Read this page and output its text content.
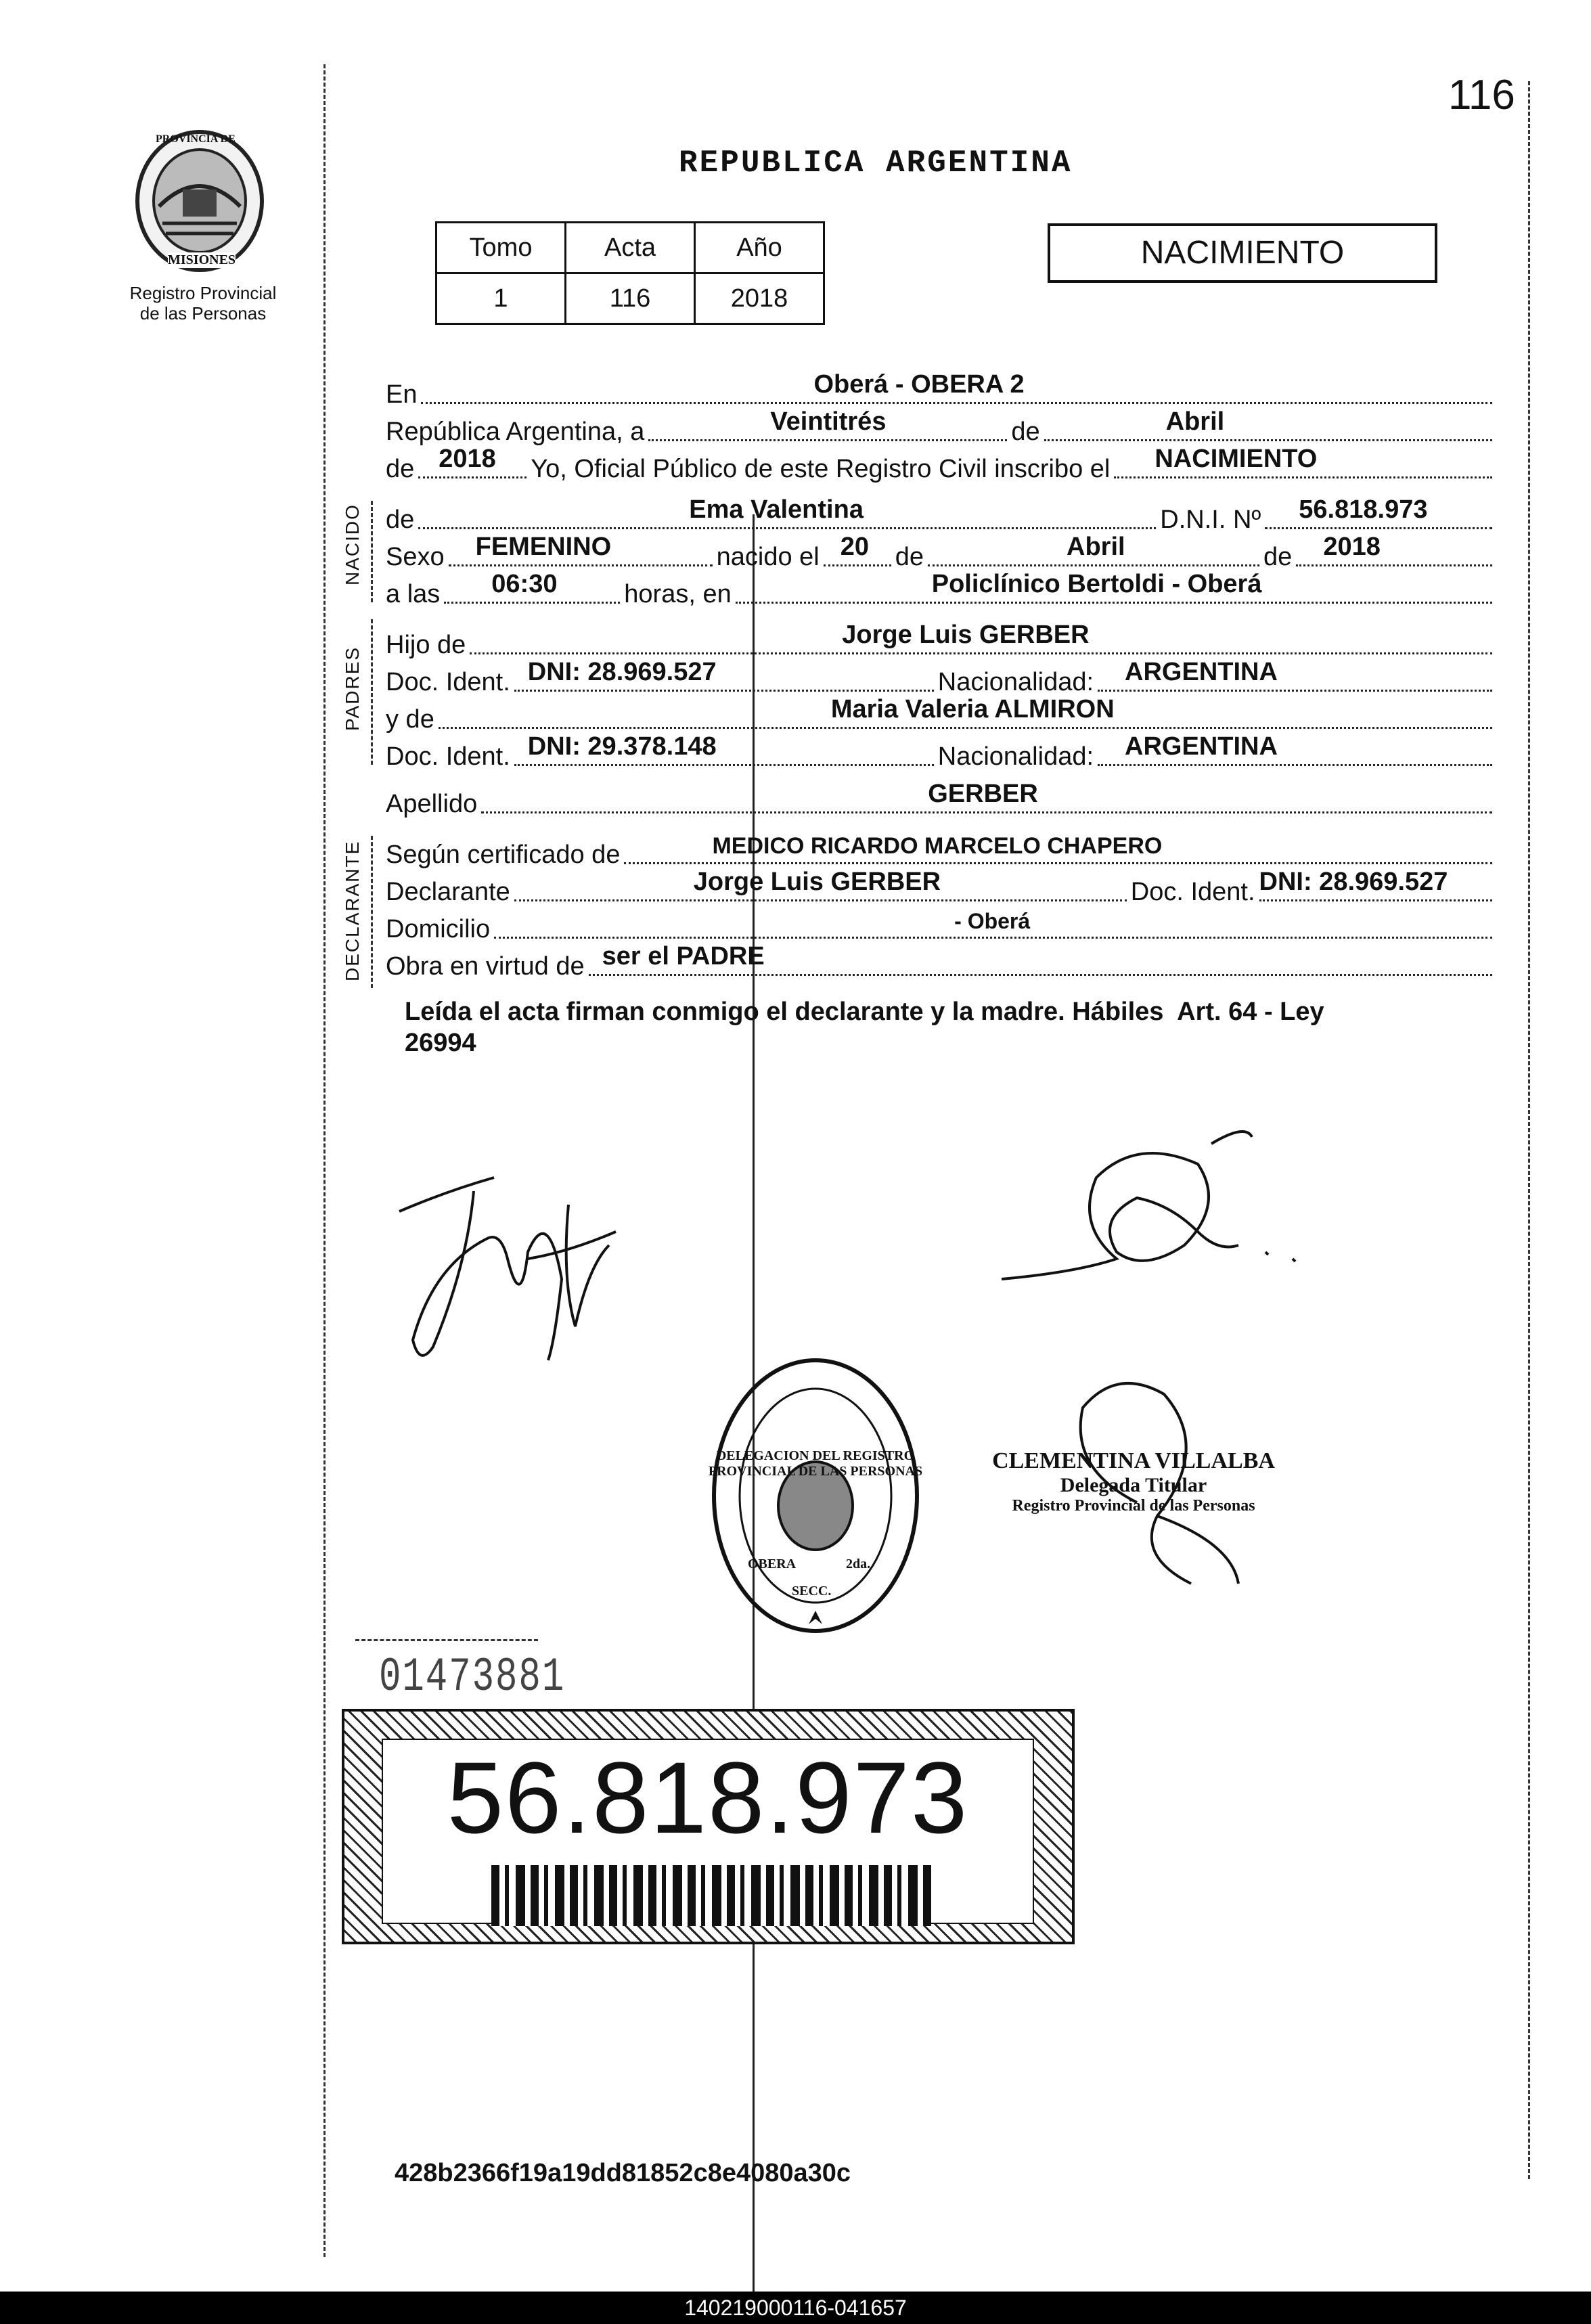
116
PROVINCIA DE
MISIONES
Registro Provincial
de las Personas
REPUBLICA ARGENTINA
Tomo	Acta	Año
1	116	2018
NACIMIENTO
NACIDO
PADRES
DECLARANTE
En	Oberá - OBERA 2
República Argentina, a	Veintitrés	de	Abril
de 2018 Yo, Oficial Público de este Registro Civil inscribo el NACIMIENTO
de	Ema Valentina	D.N.I. Nº 56.818.973
Sexo FEMENINO	nacido el 20 de	Abril	de 2018
a las 06:30	horas, en	Policlínico Bertoldi - Oberá
Hijo de	Jorge Luis GERBER
Doc. Ident. DNI: 28.969.527	Nacionalidad: ARGENTINA
y de	Maria Valeria ALMIRON
Doc. Ident. DNI: 29.378.148	Nacionalidad: ARGENTINA
Apellido	GERBER
Según certificado de	MEDICO RICARDO MARCELO CHAPERO
Declarante	Jorge Luis GERBER	Doc. Ident. DNI: 28.969.527
Domicilio	- Oberá
Obra en virtud de ser el PADRE
Leída el acta firman conmigo el declarante y la madre. Hábiles  Art. 64 - Ley
26994
DELEGACION DEL REGISTRO PROVINCIAL DE LAS PERSONAS
OBERA	2da.
SECC.
CLEMENTINA VILLALBA
Delegada Titular
Registro Provincial de las Personas
01473881
56.818.973
428b2366f19a19dd81852c8e4080a30c
140219000116-041657
